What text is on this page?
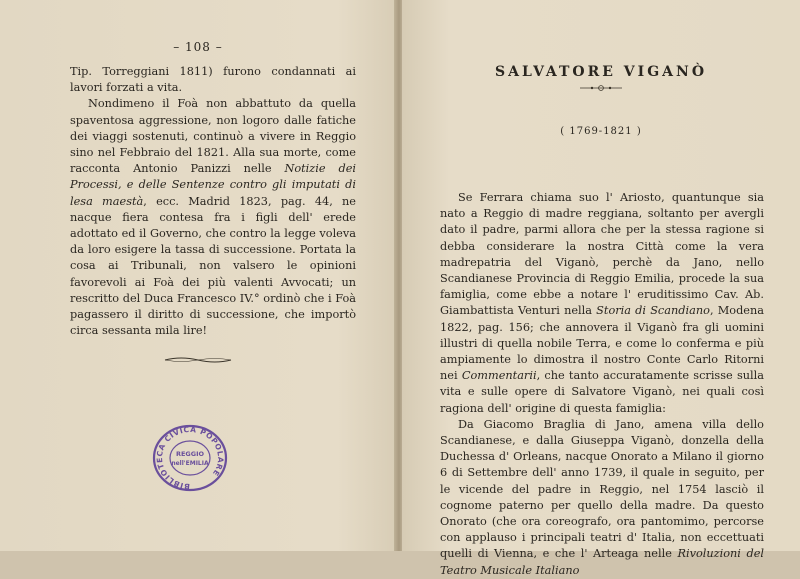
– 108 –

Tip. Torreggiani 1811) furono condannati ai lavori forzati a vita.

Nondimeno il Foà non abbattuto da quella spaventosa aggressione, non logoro dalle fatiche dei viaggi sostenuti, continuò a vivere in Reggio sino nel Febbraio del 1821. Alla sua morte, come racconta Antonio Panizzi nelle Notizie dei Processi, e delle Sentenze contro gli imputati di lesa maestà, ecc. Madrid 1823, pag. 44, ne nacque fiera contesa fra i figli dell' erede adottato ed il Governo, che contro la legge voleva da loro esigere la tassa di successione. Portata la cosa ai Tribunali, non valsero le opinioni favorevoli ai Foà dei più valenti Avvocati; un rescritto del Duca Francesco IV.° ordinò che i Foà pagassero il diritto di successione, che importò circa sessanta mila lire!

BIBLIOTECA CIVICA POPOLARE
REGGIO
nell'EMILIA
SALVATORE VIGANÒ
( 1769-1821 )

Se Ferrara chiama suo l' Ariosto, quantunque sia nato a Reggio di madre reggiana, soltanto per avergli dato il padre, parmi allora che per la stessa ragione si debba considerare la nostra Città come la vera madrepatria del Viganò, perchè da Jano, nello Scandianese Provincia di Reggio Emilia, procede la sua famiglia, come ebbe a notare l' eruditissimo Cav. Ab. Giambattista Venturi nella Storia di Scandiano, Modena 1822, pag. 156; che annovera il Viganò fra gli uomini illustri di quella nobile Terra, e come lo conferma e più ampiamente lo dimostra il nostro Conte Carlo Ritorni nei Commentarii, che tanto accuratamente scrisse sulla vita e sulle opere di Salvatore Viganò, nei quali così ragiona dell' origine di questa famiglia:

Da Giacomo Braglia di Jano, amena villa dello Scandianese, e dalla Giuseppa Viganò, donzella della Duchessa d' Orleans, nacque Onorato a Milano il giorno 6 di Settembre dell' anno 1739, il quale in seguito, per le vicende del padre in Reggio, nel 1754 lasciò il cognome paterno per quello della madre. Da questo Onorato (che ora coreografo, ora pantomimo, percorse con applauso i principali teatri d' Italia, non eccettuati quelli di Vienna, e che l' Arteaga nelle Rivoluzioni del Teatro Musicale Italiano
